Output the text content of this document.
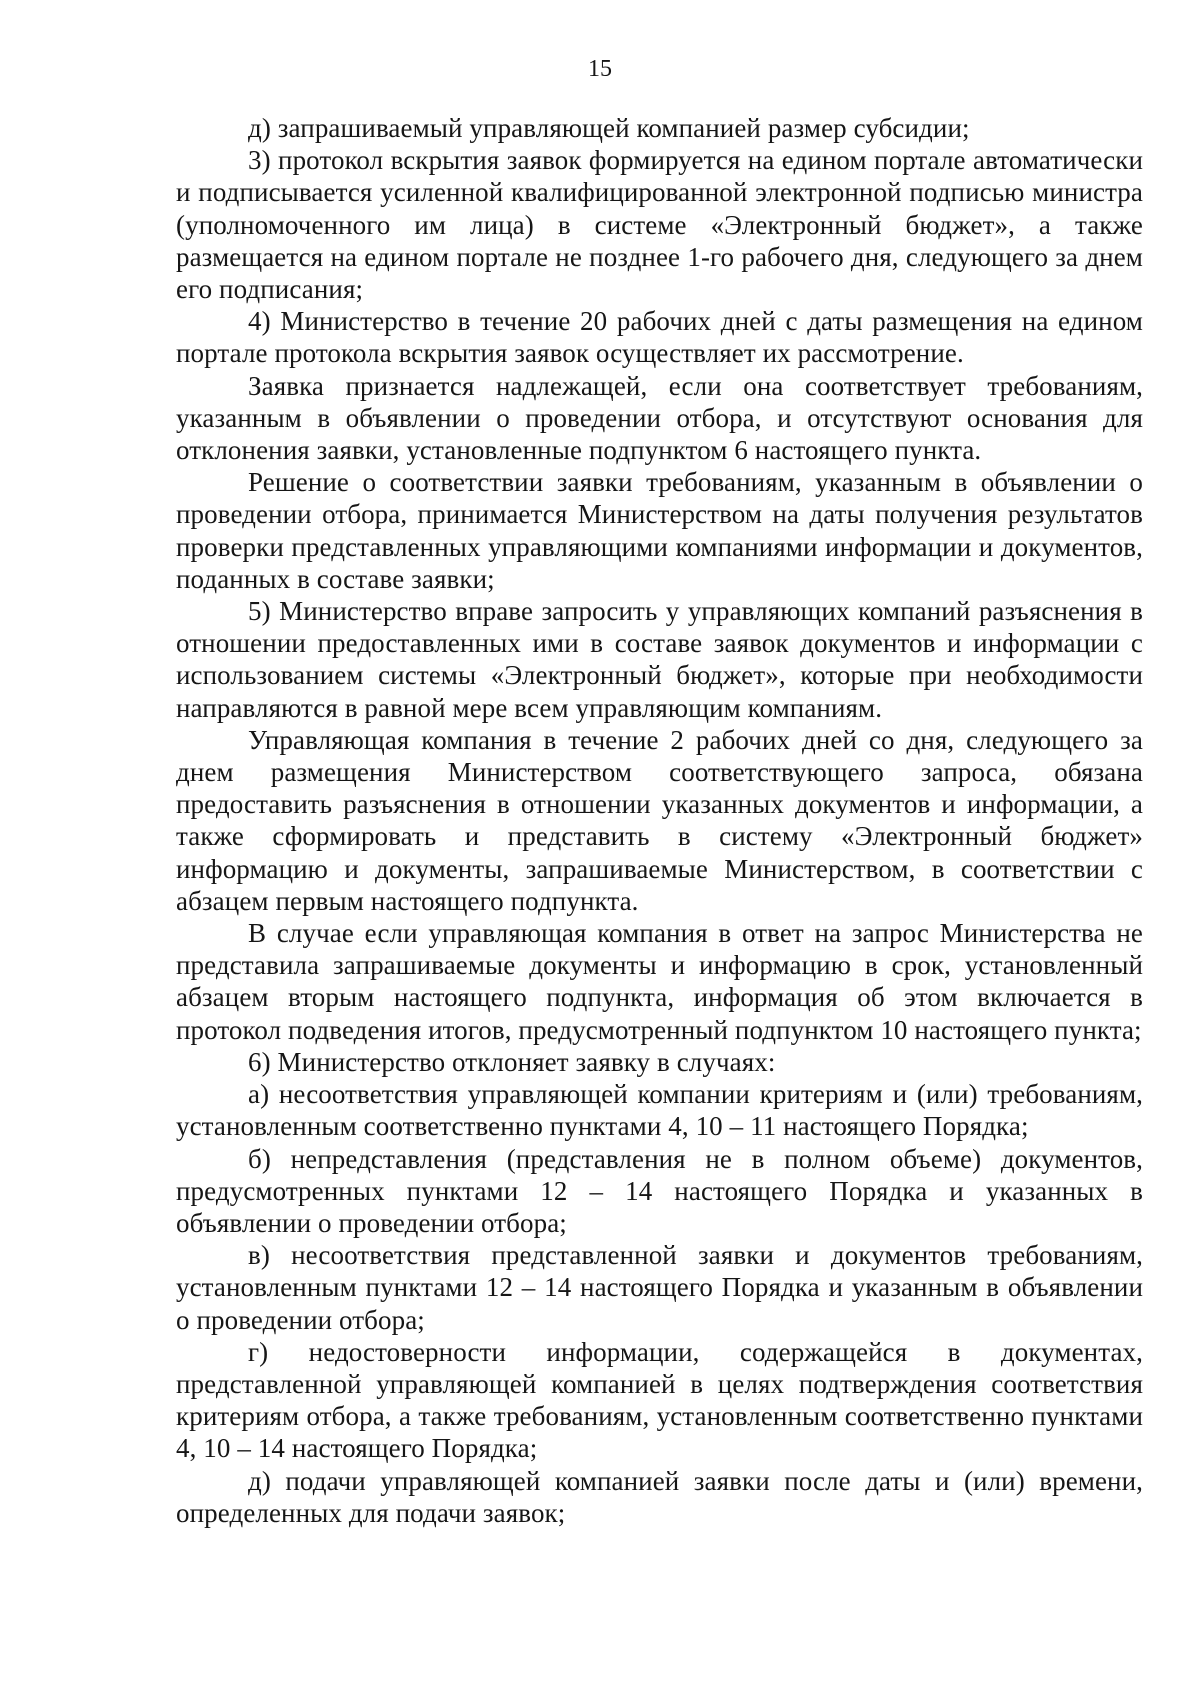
15

д) запрашиваемый управляющей компанией размер субсидии;

3) протокол вскрытия заявок формируется на едином портале автоматически и подписывается усиленной квалифицированной электронной подписью министра (уполномоченного им лица) в системе «Электронный бюджет», а также размещается на едином портале не позднее 1-го рабочего дня, следующего за днем его подписания;

4) Министерство в течение 20 рабочих дней с даты размещения на едином портале протокола вскрытия заявок осуществляет их рассмотрение.

Заявка признается надлежащей, если она соответствует требованиям, указанным в объявлении о проведении отбора, и отсутствуют основания для отклонения заявки, установленные подпунктом 6 настоящего пункта.

Решение о соответствии заявки требованиям, указанным в объявлении о проведении отбора, принимается Министерством на даты получения результатов проверки представленных управляющими компаниями информации и документов, поданных в составе заявки;

5) Министерство вправе запросить у управляющих компаний разъяснения в отношении предоставленных ими в составе заявок документов и информации с использованием системы «Электронный бюджет», которые при необходимости направляются в равной мере всем управляющим компаниям.

Управляющая компания в течение 2 рабочих дней со дня, следующего за днем размещения Министерством соответствующего запроса, обязана предоставить разъяснения в отношении указанных документов и информации, а также сформировать и представить в систему «Электронный бюджет» информацию и документы, запрашиваемые Министерством, в соответствии с абзацем первым настоящего подпункта.

В случае если управляющая компания в ответ на запрос Министерства не представила запрашиваемые документы и информацию в срок, установленный абзацем вторым настоящего подпункта, информация об этом включается в протокол подведения итогов, предусмотренный подпунктом 10 настоящего пункта;

6) Министерство отклоняет заявку в случаях:

а) несоответствия управляющей компании критериям и (или) требованиям, установленным соответственно пунктами 4, 10 – 11 настоящего Порядка;

б) непредставления (представления не в полном объеме) документов, предусмотренных пунктами 12 – 14 настоящего Порядка и указанных в объявлении о проведении отбора;

в) несоответствия представленной заявки и документов требованиям, установленным пунктами 12 – 14 настоящего Порядка и указанным в объявлении о проведении отбора;

г) недостоверности информации, содержащейся в документах, представленной управляющей компанией в целях подтверждения соответствия критериям отбора, а также требованиям, установленным соответственно пунктами 4, 10 – 14 настоящего Порядка;

д) подачи управляющей компанией заявки после даты и (или) времени, определенных для подачи заявок;
